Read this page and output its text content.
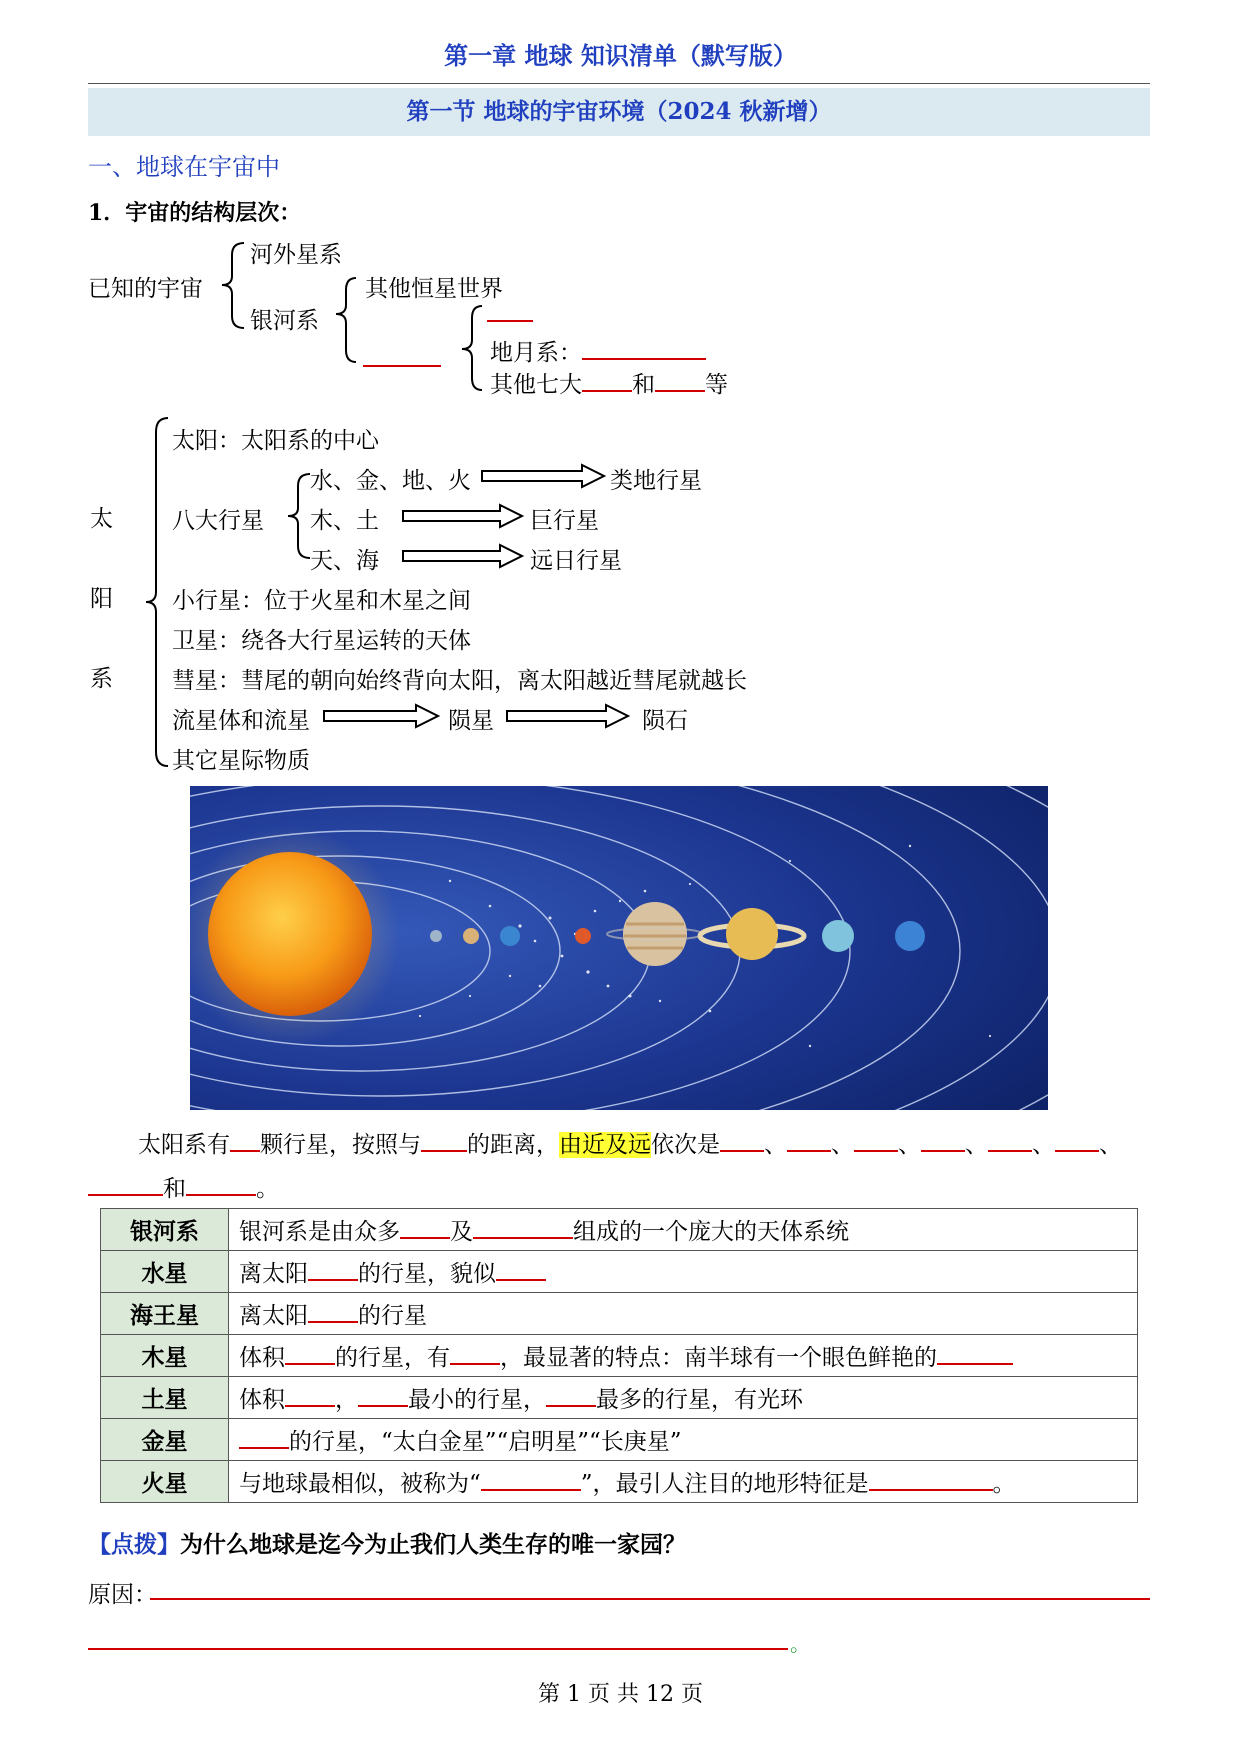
第一章 地球 知识清单（默写版）
第一节 地球的宇宙环境（2024 秋新增）
一、地球在宇宙中
1．宇宙的结构层次：
已知的宇宙
河外星系
银河系
其他恒星世界
地月系：
其他七大 和 等
太
阳
系
太阳：太阳系的中心
八大行星
水、金、地、火	类地行星
木、土	巨行星
天、海	远日行星
小行星：位于火星和木星之间
卫星：绕各大行星运转的天体
彗星：彗尾的朝向始终背向太阳，离太阳越近彗尾就越长
流星体和流星	陨星	陨石
其它星际物质
太阳系有 颗行星，按照与 的距离，由近及远依次是 、 、 、 、 、 、
和	。
银河系	银河系是由众多 及 组成的一个庞大的天体系统
水星	离太阳 的行星，貌似
海王星	离太阳 的行星
木星	体积 的行星，有 ，最显著的特点：南半球有一个眼色鲜艳的
土星	体积 ， 最小的行星， 最多的行星，有光环
金星	的行星，“太白金星”“启明星”“长庚星”
火星	与地球最相似，被称为“ ”，最引人注目的地形特征是 。
【点拨】为什么地球是迄今为止我们人类生存的唯一家园？
原因：
。
第 1 页 共 12 页
